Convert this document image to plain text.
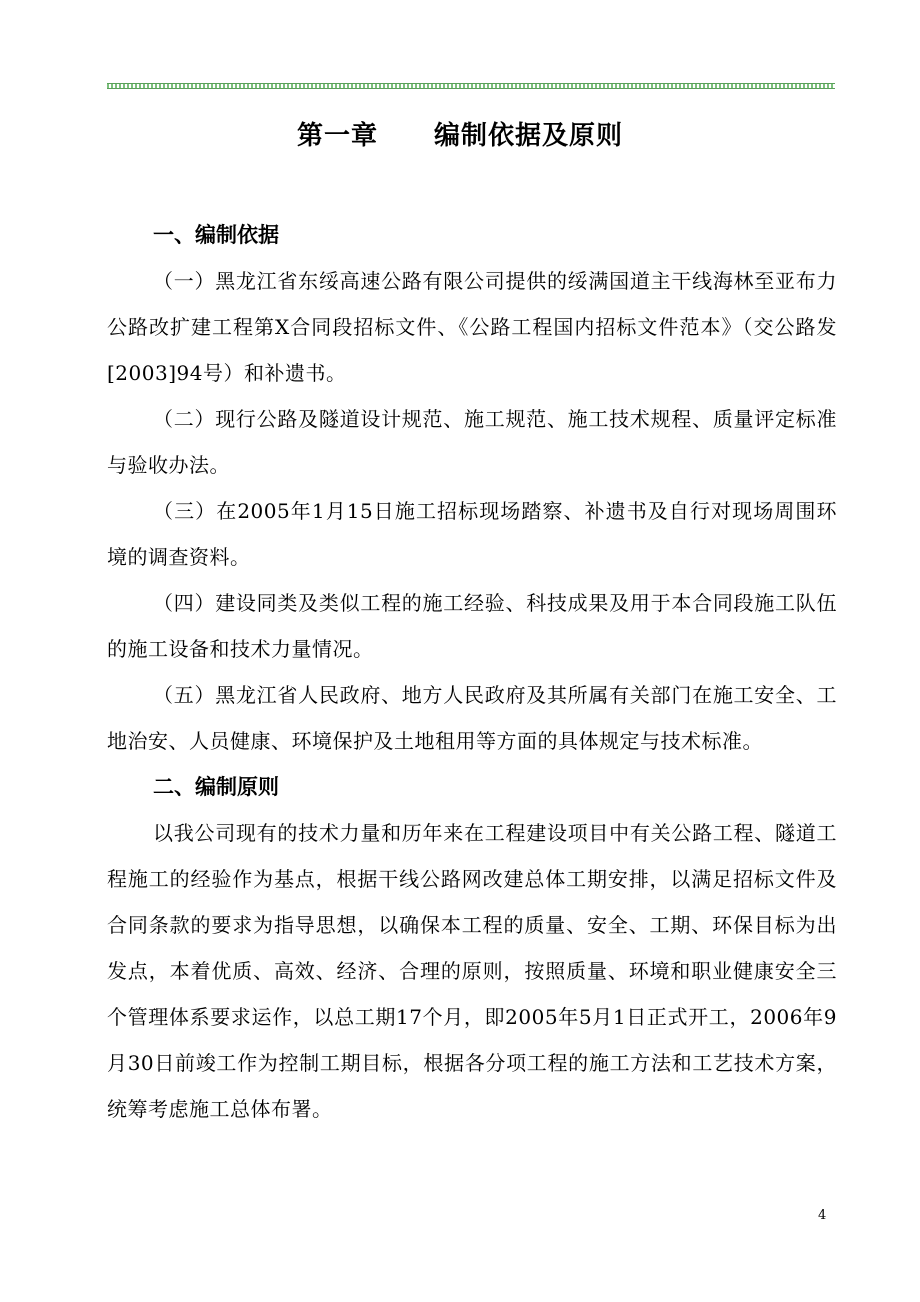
第一章 编制依据及原则
一、编制依据

（一）黑龙江省东绥高速公路有限公司提供的绥满国道主干线海林至亚布力公路改扩建工程第X合同段招标文件、《公路工程国内招标文件范本》（交公路发[2003]94号）和补遗书。

（二）现行公路及隧道设计规范、施工规范、施工技术规程、质量评定标准与验收办法。

（三）在2005年1月15日施工招标现场踏察、补遗书及自行对现场周围环境的调查资料。

（四）建设同类及类似工程的施工经验、科技成果及用于本合同段施工队伍的施工设备和技术力量情况。

（五）黑龙江省人民政府、地方人民政府及其所属有关部门在施工安全、工地治安、人员健康、环境保护及土地租用等方面的具体规定与技术标准。

二、编制原则

以我公司现有的技术力量和历年来在工程建设项目中有关公路工程、隧道工程施工的经验作为基点，根据干线公路网改建总体工期安排，以满足招标文件及合同条款的要求为指导思想，以确保本工程的质量、安全、工期、环保目标为出发点，本着优质、高效、经济、合理的原则，按照质量、环境和职业健康安全三个管理体系要求运作，以总工期17个月，即2005年5月1日正式开工，2006年9月30日前竣工作为控制工期目标，根据各分项工程的施工方法和工艺技术方案，统筹考虑施工总体布署。

4
